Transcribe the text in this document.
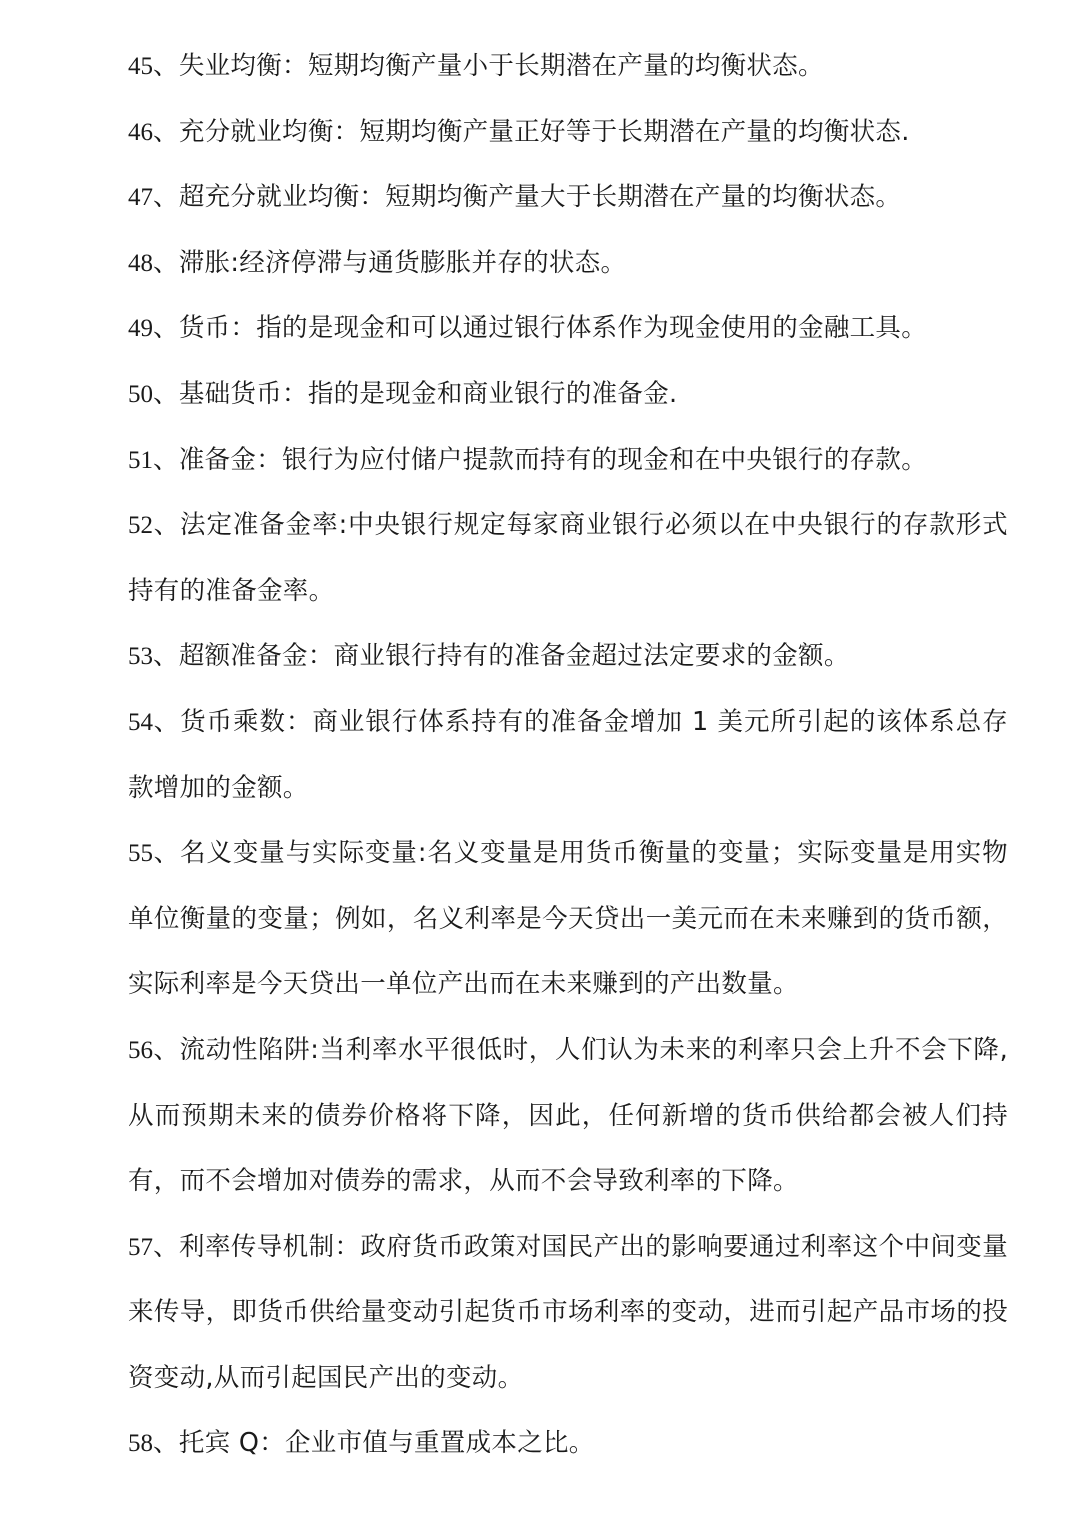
45、失业均衡：短期均衡产量小于长期潜在产量的均衡状态。
46、充分就业均衡：短期均衡产量正好等于长期潜在产量的均衡状态.
47、超充分就业均衡：短期均衡产量大于长期潜在产量的均衡状态。
48、滞胀:经济停滞与通货膨胀并存的状态。
49、货币：指的是现金和可以通过银行体系作为现金使用的金融工具。
50、基础货币：指的是现金和商业银行的准备金.
51、准备金：银行为应付储户提款而持有的现金和在中央银行的存款。
52、法定准备金率:中央银行规定每家商业银行必须以在中央银行的存款形式持有的准备金率。
53、超额准备金：商业银行持有的准备金超过法定要求的金额。
54、货币乘数：商业银行体系持有的准备金增加 1 美元所引起的该体系总存款增加的金额。
55、名义变量与实际变量:名义变量是用货币衡量的变量；实际变量是用实物单位衡量的变量；例如，名义利率是今天贷出一美元而在未来赚到的货币额，实际利率是今天贷出一单位产出而在未来赚到的产出数量。
56、流动性陷阱:当利率水平很低时，人们认为未来的利率只会上升不会下降,从而预期未来的债券价格将下降，因此，任何新增的货币供给都会被人们持有，而不会增加对债券的需求，从而不会导致利率的下降。
57、利率传导机制：政府货币政策对国民产出的影响要通过利率这个中间变量来传导，即货币供给量变动引起货币市场利率的变动，进而引起产品市场的投资变动,从而引起国民产出的变动。
58、托宾 Q：企业市值与重置成本之比。
